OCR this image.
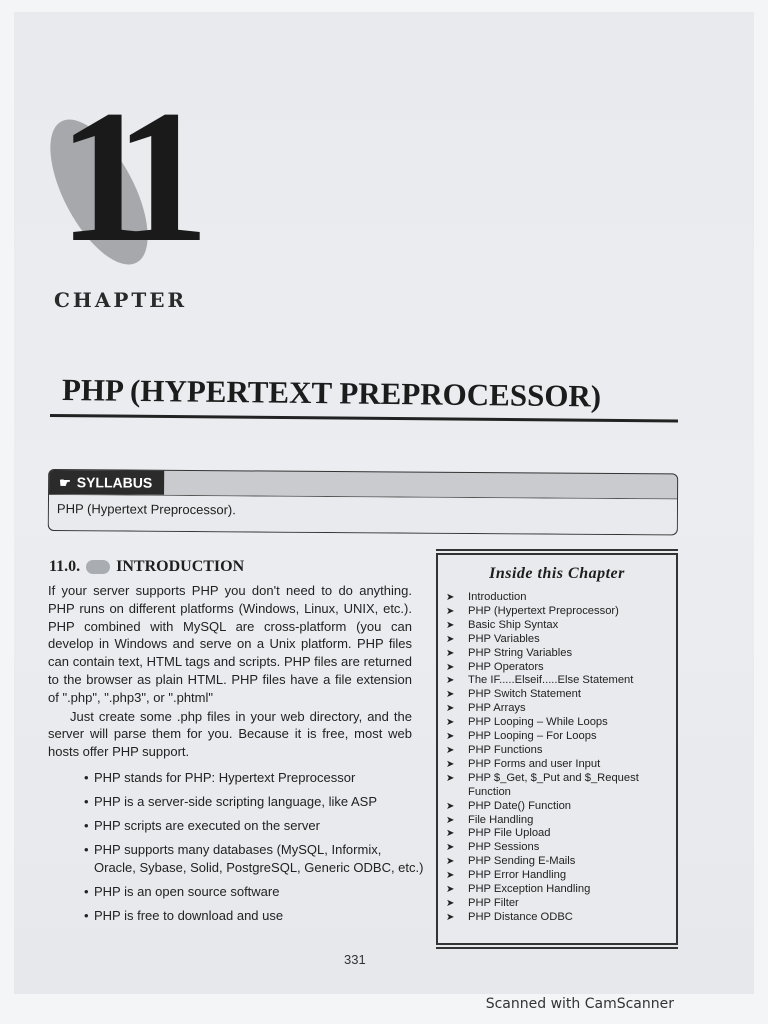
11
CHAPTER
PHP (HYPERTEXT PREPROCESSOR)
☛ SYLLABUS
PHP (Hypertext Preprocessor).
11.0. INTRODUCTION

If your server supports PHP you don't need to do anything. PHP runs on different platforms (Windows, Linux, UNIX, etc.). PHP combined with MySQL are cross-platform (you can develop in Windows and serve on a Unix platform. PHP files can contain text, HTML tags and scripts. PHP files are returned to the browser as plain HTML. PHP files have a file extension of ".php", ".php3", or ".phtml"

Just create some .php files in your web directory, and the server will parse them for you. Because it is free, most web hosts offer PHP support.

• PHP stands for PHP: Hypertext Preprocessor
• PHP is a server-side scripting language, like ASP
• PHP scripts are executed on the server
• PHP supports many databases (MySQL, Informix, Oracle, Sybase, Solid, PostgreSQL, Generic ODBC, etc.)
• PHP is an open source software
• PHP is free to download and use
Inside this Chapter
➤ Introduction
➤ PHP (Hypertext Preprocessor)
➤ Basic Ship Syntax
➤ PHP Variables
➤ PHP String Variables
➤ PHP Operators
➤ The IF.....Elseif.....Else Statement
➤ PHP Switch Statement
➤ PHP Arrays
➤ PHP Looping – While Loops
➤ PHP Looping – For Loops
➤ PHP Functions
➤ PHP Forms and user Input
➤ PHP $_Get, $_Put and $_Request Function
➤ PHP Date() Function
➤ File Handling
➤ PHP File Upload
➤ PHP Sessions
➤ PHP Sending E-Mails
➤ PHP Error Handling
➤ PHP Exception Handling
➤ PHP Filter
➤ PHP Distance ODBC
331
Scanned with CamScanner
